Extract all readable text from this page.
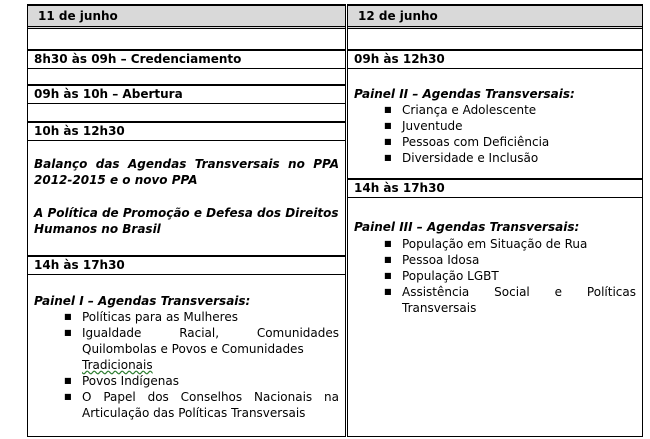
11 de junho
8h30 às 09h – Credenciamento
09h às 10h – Abertura
10h às 12h30
Balanço das Agendas Transversais no PPA 2012-2015 e o novo PPA
A Política de Promoção e Defesa dos Direitos Humanos no Brasil
14h às 17h30
Painel I – Agendas Transversais:
■ Políticas para as Mulheres
■ Igualdade Racial, Comunidades Quilombolas e Povos e Comunidades
Tradicionais
■ Povos Indígenas
■ O Papel dos Conselhos Nacionais na Articulação das Políticas Transversais
12 de junho
09h às 12h30
Painel II – Agendas Transversais:
■ Criança e Adolescente
■ Juventude
■ Pessoas com Deficiência
■ Diversidade e Inclusão
14h às 17h30
Painel III – Agendas Transversais:
■ População em Situação de Rua
■ Pessoa Idosa
■ População LGBT
■ Assistência Social e Políticas Transversais
